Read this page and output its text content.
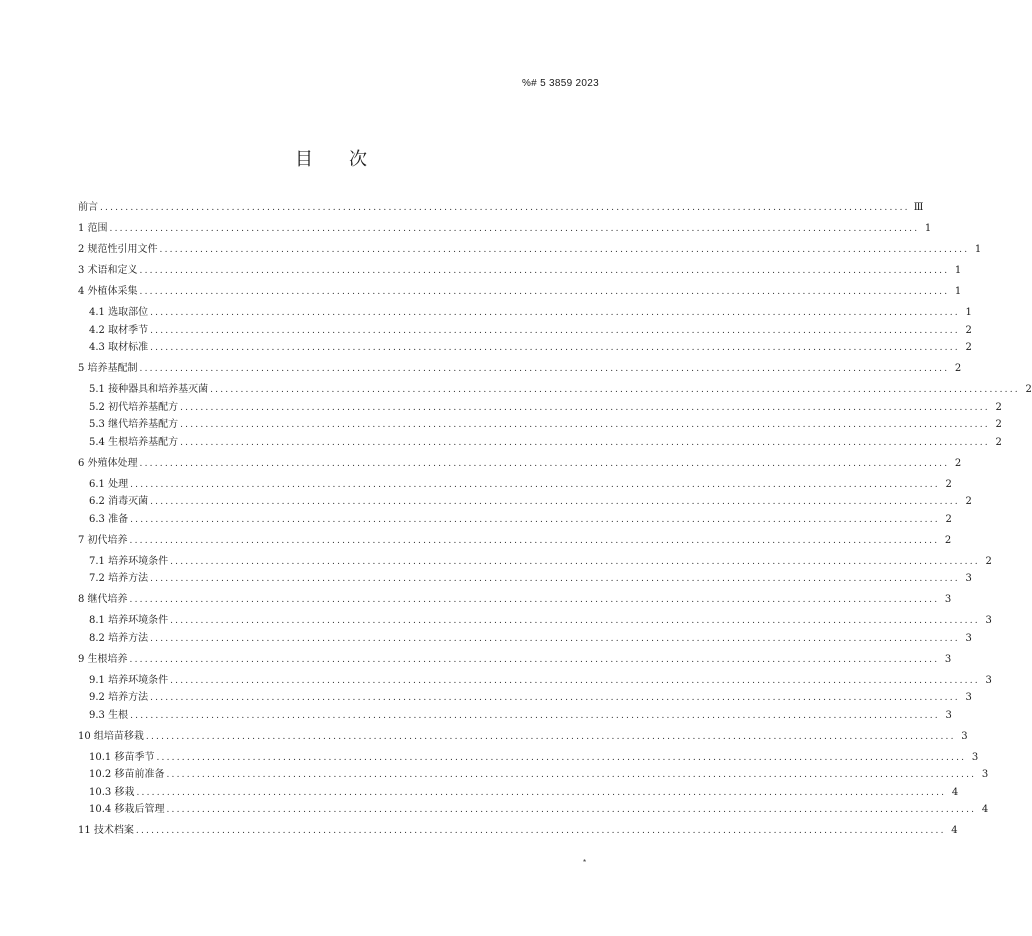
%# 5 3859 2023
目 次
前言 ................................................................................................................................................................ Ⅲ
1 范围 ................................................................................................................................................................ 1
2 规范性引用文件 ................................................................................................................................................................ 1
3 术语和定义 ................................................................................................................................................................ 1
4 外植体采集 ................................................................................................................................................................ 1
4.1 选取部位 ................................................................................................................................................................ 1
4.2 取材季节 ................................................................................................................................................................ 2
4.3 取材标准 ................................................................................................................................................................ 2
5 培养基配制 ................................................................................................................................................................ 2
5.1 接种器具和培养基灭菌 ................................................................................................................................................................ 2
5.2 初代培养基配方 ................................................................................................................................................................ 2
5.3 继代培养基配方 ................................................................................................................................................................ 2
5.4 生根培养基配方 ................................................................................................................................................................ 2
6 外殖体处理 ................................................................................................................................................................ 2
6.1 处理 ................................................................................................................................................................ 2
6.2 消毒灭菌 ................................................................................................................................................................ 2
6.3 准备 ................................................................................................................................................................ 2
7 初代培养 ................................................................................................................................................................ 2
7.1 培养环境条件 ................................................................................................................................................................ 2
7.2 培养方法 ................................................................................................................................................................ 3
8 继代培养 ................................................................................................................................................................ 3
8.1 培养环境条件 ................................................................................................................................................................ 3
8.2 培养方法 ................................................................................................................................................................ 3
9 生根培养 ................................................................................................................................................................ 3
9.1 培养环境条件 ................................................................................................................................................................ 3
9.2 培养方法 ................................................................................................................................................................ 3
9.3 生根 ................................................................................................................................................................ 3
10 组培苗移栽 ................................................................................................................................................................ 3
10.1 移苗季节 ................................................................................................................................................................ 3
10.2 移苗前准备 ................................................................................................................................................................ 3
10.3 移栽 ................................................................................................................................................................ 4
10.4 移栽后管理 ................................................................................................................................................................ 4
11 技术档案 ................................................................................................................................................................ 4
*
